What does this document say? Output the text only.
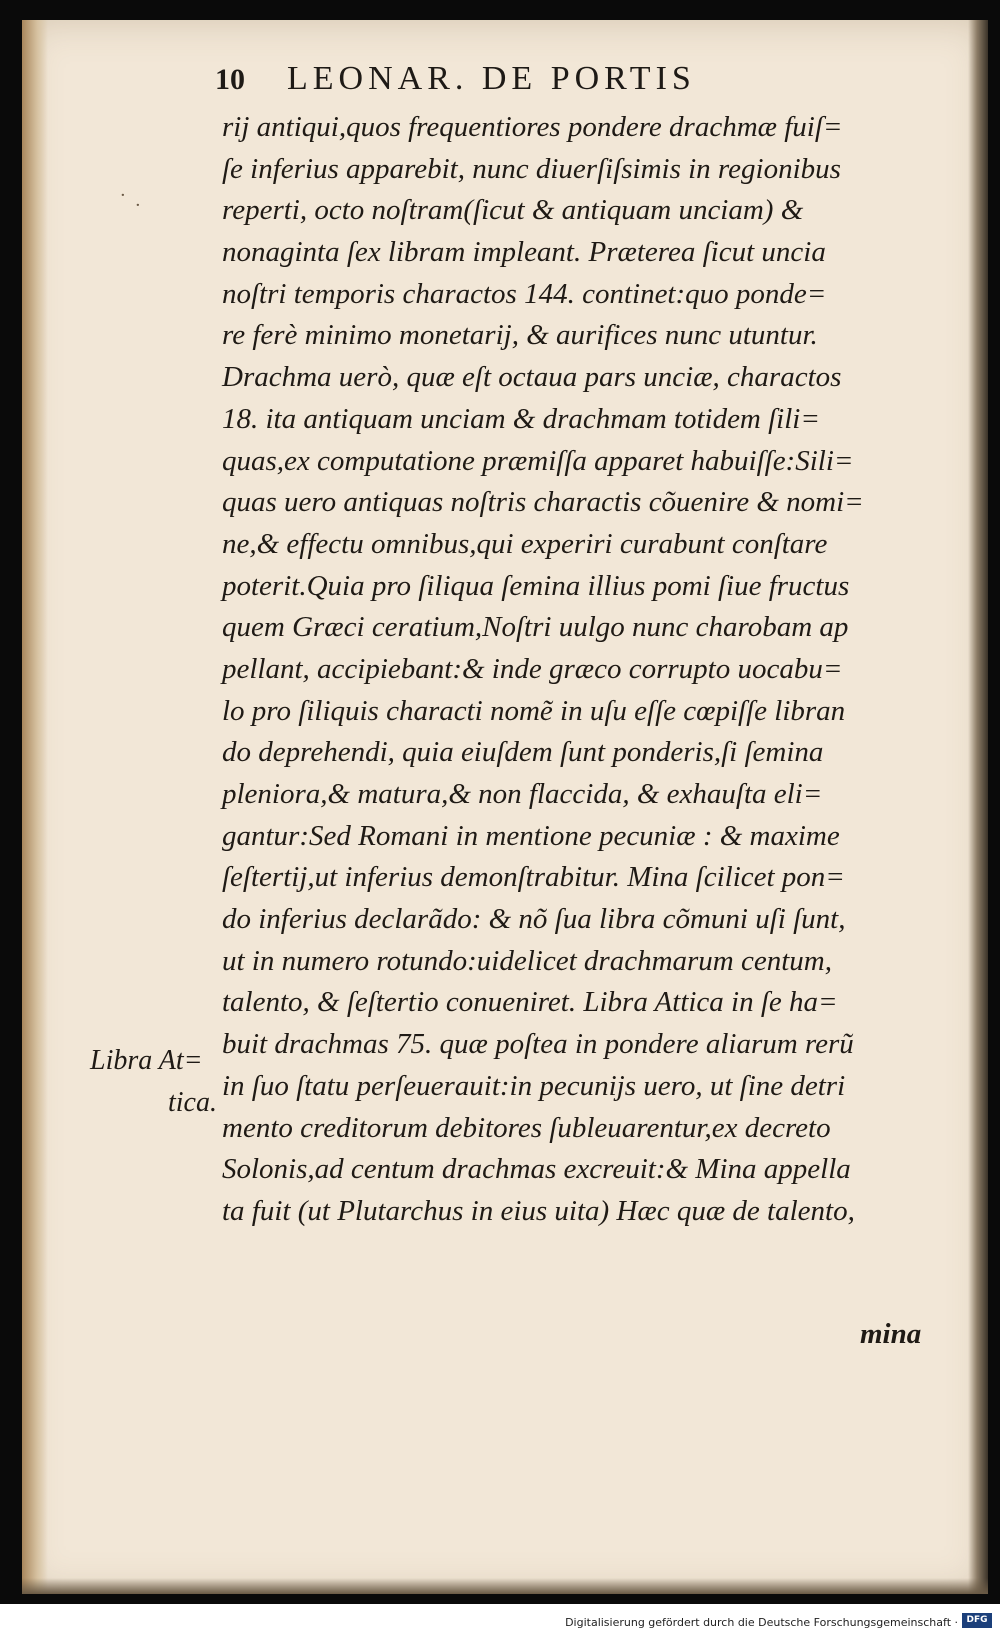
10 LEONAR. DE PORTIS
· ·
rij antiqui,quos frequentiores pondere drachmæ fuiſ=
ſe inferius apparebit, nunc diuerſiſsimis in regionibus
reperti, octo noſtram(ſicut & antiquam unciam) &
nonaginta ſex libram impleant. Præterea ſicut uncia
noſtri temporis charactos 144. continet:quo ponde=
re ferè minimo monetarij, & aurifices nunc utuntur.
Drachma uerò, quæ eſt octaua pars unciæ, charactos
18. ita antiquam unciam & drachmam totidem ſili=
quas,ex computatione præmiſſa apparet habuiſſe:Sili=
quas uero antiquas noſtris charactis cõuenire & nomi=
ne,& effectu omnibus,qui experiri curabunt conſtare
poterit.Quia pro ſiliqua ſemina illius pomi ſiue fructus
quem Græci ceratium,Noſtri uulgo nunc charobam ap
pellant, accipiebant:& inde græco corrupto uocabu=
lo pro ſiliquis characti nomẽ in uſu eſſe cœpiſſe libran
do deprehendi, quia eiuſdem ſunt ponderis,ſi ſemina
pleniora,& matura,& non flaccida, & exhauſta eli=
gantur:Sed Romani in mentione pecuniæ : & maxime
ſeſtertij,ut inferius demonſtrabitur. Mina ſcilicet pon=
do inferius declarãdo: & nõ ſua libra cõmuni uſi ſunt,
ut in numero rotundo:uidelicet drachmarum centum,
talento, & ſeſtertio conueniret. Libra Attica in ſe ha=
buit drachmas 75. quæ poſtea in pondere aliarum rerũ
in ſuo ſtatu perſeuerauit:in pecunijs uero, ut ſine detri
mento creditorum debitores ſubleuarentur,ex decreto
Solonis,ad centum drachmas excreuit:& Mina appella
ta fuit (ut Plutarchus in eius uita) Hæc quæ de talento,
Libra At=
tica.
mina
Digitalisierung gefördert durch die Deutsche Forschungsgemeinschaft · DFG
